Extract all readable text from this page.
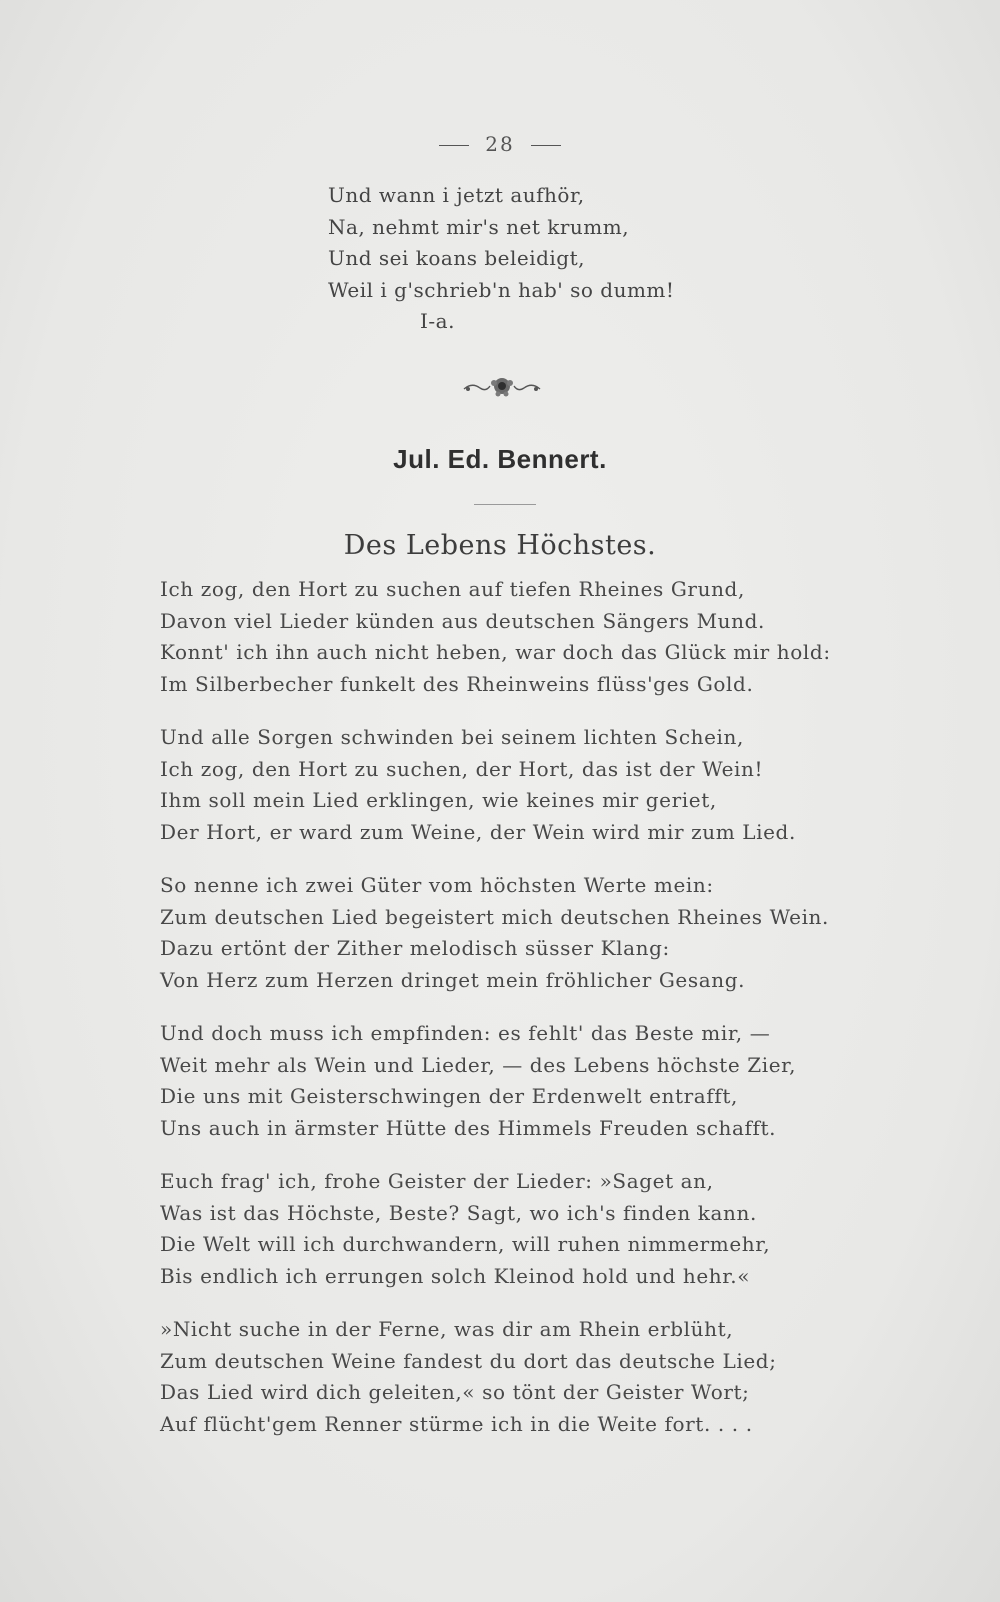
28
Und wann i jetzt aufhör,
Na, nehmt mir's net krumm,
Und sei koans beleidigt,
Weil i g'schrieb'n hab' so dumm!
I-a.
Jul. Ed. Bennert.
Des Lebens Höchstes.
Ich zog, den Hort zu suchen auf tiefen Rheines Grund,
Davon viel Lieder künden aus deutschen Sängers Mund.
Konnt' ich ihn auch nicht heben, war doch das Glück mir hold:
Im Silberbecher funkelt des Rheinweins flüss'ges Gold.
Und alle Sorgen schwinden bei seinem lichten Schein,
Ich zog, den Hort zu suchen, der Hort, das ist der Wein!
Ihm soll mein Lied erklingen, wie keines mir geriet,
Der Hort, er ward zum Weine, der Wein wird mir zum Lied.
So nenne ich zwei Güter vom höchsten Werte mein:
Zum deutschen Lied begeistert mich deutschen Rheines Wein.
Dazu ertönt der Zither melodisch süsser Klang:
Von Herz zum Herzen dringet mein fröhlicher Gesang.
Und doch muss ich empfinden: es fehlt' das Beste mir, —
Weit mehr als Wein und Lieder, — des Lebens höchste Zier,
Die uns mit Geisterschwingen der Erdenwelt entrafft,
Uns auch in ärmster Hütte des Himmels Freuden schafft.
Euch frag' ich, frohe Geister der Lieder: »Saget an,
Was ist das Höchste, Beste? Sagt, wo ich's finden kann.
Die Welt will ich durchwandern, will ruhen nimmermehr,
Bis endlich ich errungen solch Kleinod hold und hehr.«
»Nicht suche in der Ferne, was dir am Rhein erblüht,
Zum deutschen Weine fandest du dort das deutsche Lied;
Das Lied wird dich geleiten,« so tönt der Geister Wort;
Auf flücht'gem Renner stürme ich in die Weite fort. . . .
